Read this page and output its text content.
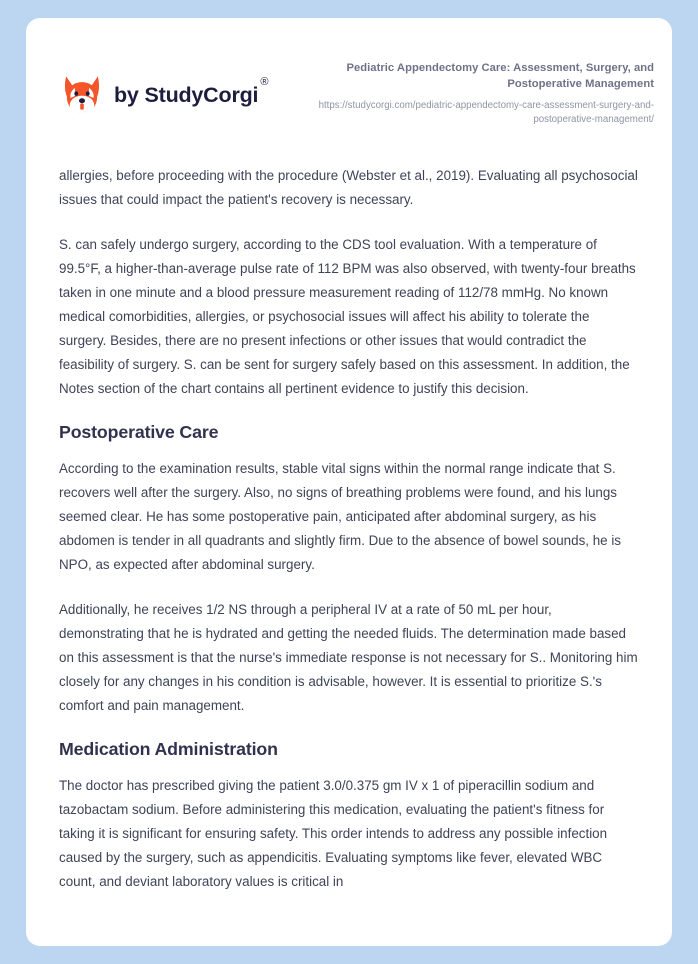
by StudyCorgi®

Pediatric Appendectomy Care: Assessment, Surgery, and Postoperative Management

https://studycorgi.com/pediatric-appendectomy-care-assessment-surgery-and-postoperative-management/

allergies, before proceeding with the procedure (Webster et al., 2019). Evaluating all psychosocial issues that could impact the patient's recovery is necessary.

S. can safely undergo surgery, according to the CDS tool evaluation. With a temperature of 99.5°F, a higher-than-average pulse rate of 112 BPM was also observed, with twenty-four breaths taken in one minute and a blood pressure measurement reading of 112/78 mmHg. No known medical comorbidities, allergies, or psychosocial issues will affect his ability to tolerate the surgery. Besides, there are no present infections or other issues that would contradict the feasibility of surgery. S. can be sent for surgery safely based on this assessment. In addition, the Notes section of the chart contains all pertinent evidence to justify this decision.

Postoperative Care

According to the examination results, stable vital signs within the normal range indicate that S. recovers well after the surgery. Also, no signs of breathing problems were found, and his lungs seemed clear. He has some postoperative pain, anticipated after abdominal surgery, as his abdomen is tender in all quadrants and slightly firm. Due to the absence of bowel sounds, he is NPO, as expected after abdominal surgery.

Additionally, he receives 1/2 NS through a peripheral IV at a rate of 50 mL per hour, demonstrating that he is hydrated and getting the needed fluids. The determination made based on this assessment is that the nurse's immediate response is not necessary for S.. Monitoring him closely for any changes in his condition is advisable, however. It is essential to prioritize S.'s comfort and pain management.

Medication Administration

The doctor has prescribed giving the patient 3.0/0.375 gm IV x 1 of piperacillin sodium and tazobactam sodium. Before administering this medication, evaluating the patient's fitness for taking it is significant for ensuring safety. This order intends to address any possible infection caused by the surgery, such as appendicitis. Evaluating symptoms like fever, elevated WBC count, and deviant laboratory values is critical in
